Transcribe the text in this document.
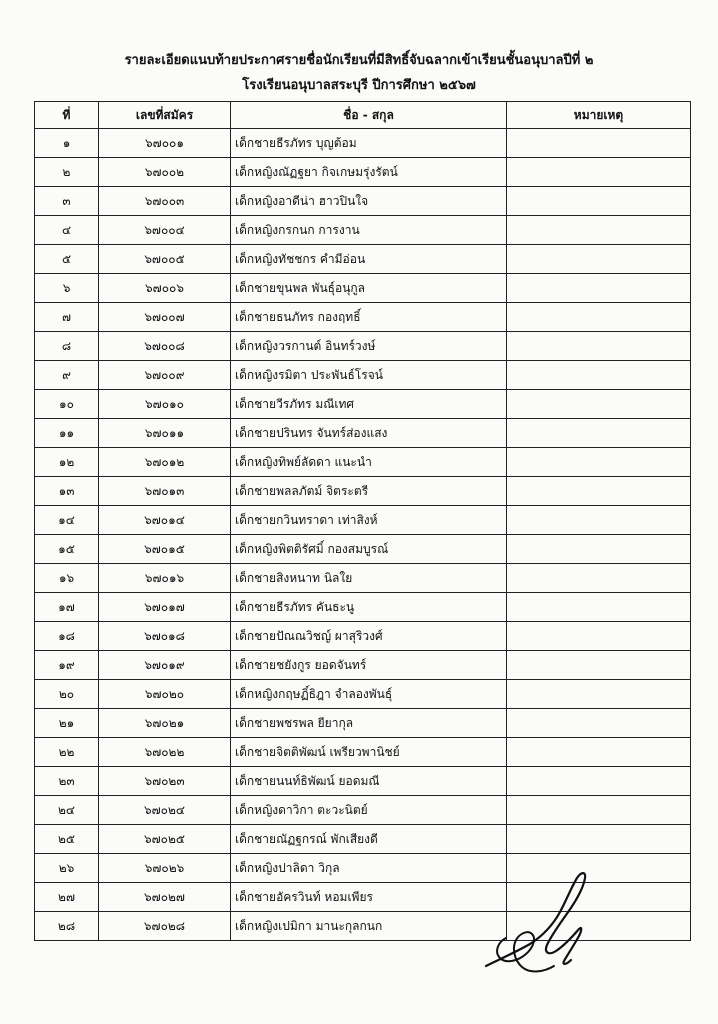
รายละเอียดแนบท้ายประกาศรายชื่อนักเรียนที่มีสิทธิ์จับฉลากเข้าเรียนชั้นอนุบาลปีที่ ๒
โรงเรียนอนุบาลสระบุรี ปีการศึกษา ๒๕๖๗
ที่	เลขที่สมัคร	ชื่อ - สกุล	หมายเหตุ
๑	๖๗๐๐๑	เด็กชายธีรภัทร บุญต้อม	
๒	๖๗๐๐๒	เด็กหญิงณัฏฐยา กิจเกษมรุ่งรัตน์	
๓	๖๗๐๐๓	เด็กหญิงอาดีน่า ฮาวปินใจ	
๔	๖๗๐๐๔	เด็กหญิงกรกนก การงาน	
๕	๖๗๐๐๕	เด็กหญิงทัชชกร คำมีอ่อน	
๖	๖๗๐๐๖	เด็กชายขุนพล พันธุ์อนุกูล	
๗	๖๗๐๐๗	เด็กชายธนภัทร กองฤทธิ์	
๘	๖๗๐๐๘	เด็กหญิงวรกานต์ อินทร์วงษ์	
๙	๖๗๐๐๙	เด็กหญิงรมิตา ประพันธ์โรจน์	
๑๐	๖๗๐๑๐	เด็กชายวีรภัทร มณีเทศ	
๑๑	๖๗๐๑๑	เด็กชายปรินทร จันทร์ส่องแสง	
๑๒	๖๗๐๑๒	เด็กหญิงทิพย์ลัดดา แนะนำ	
๑๓	๖๗๐๑๓	เด็กชายพลลภัตม์ จิตระตรี	
๑๔	๖๗๐๑๔	เด็กชายกวินทราดา เท่าสิงห์	
๑๕	๖๗๐๑๕	เด็กหญิงพิตติรัศมิ์ กองสมบูรณ์	
๑๖	๖๗๐๑๖	เด็กชายสิงหนาท นิลใย	
๑๗	๖๗๐๑๗	เด็กชายธีรภัทร คันธะนู	
๑๘	๖๗๐๑๘	เด็กชายปัณณวิชญ์ ผาสุริวงศ์	
๑๙	๖๗๐๑๙	เด็กชายชยังกูร ยอดจันทร์	
๒๐	๖๗๐๒๐	เด็กหญิงกฤษฏิ์ธิฎา จำลองพันธุ์	
๒๑	๖๗๐๒๑	เด็กชายพชรพล ยียากุล	
๒๒	๖๗๐๒๒	เด็กชายจิตติพัฒน์ เพรียวพานิชย์	
๒๓	๖๗๐๒๓	เด็กชายนนท์ธิพัฒน์ ยอดมณี	
๒๔	๖๗๐๒๔	เด็กหญิงดาวิกา ตะวะนิตย์	
๒๕	๖๗๐๒๕	เด็กชายณัฏฐกรณ์ พักเสียงดี	
๒๖	๖๗๐๒๖	เด็กหญิงปาลิดา วิกุล	
๒๗	๖๗๐๒๗	เด็กชายอัครวินท์ หอมเพียร	
๒๘	๖๗๐๒๘	เด็กหญิงเปมิกา มานะกุลกนก	
